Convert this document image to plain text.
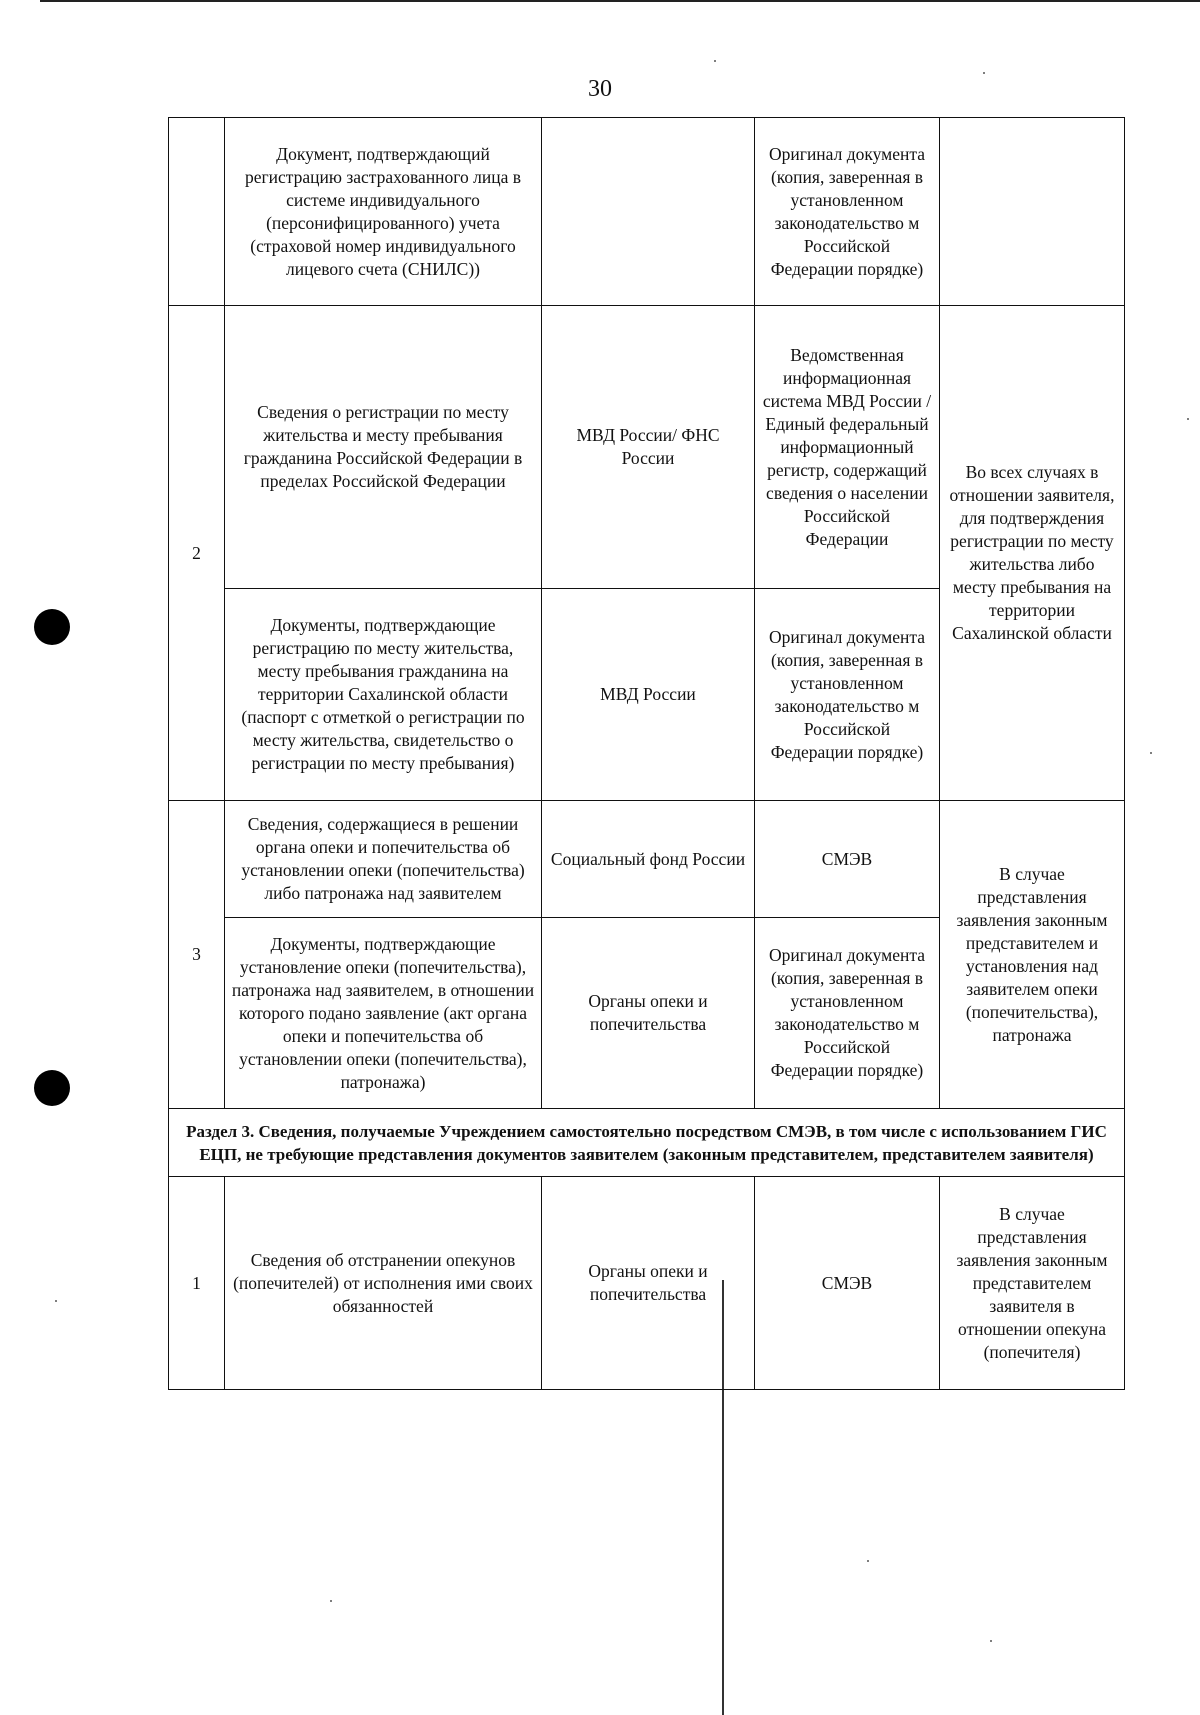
30
	Документ, подтверждающий регистрацию застрахованного лица в системе индивидуального (персонифицированного) учета (страховой номер индивидуального лицевого счета (СНИЛС))		Оригинал документа (копия, заверенная в установленном законодательство м Российской Федерации порядке)	
2	Сведения о регистрации по месту жительства и месту пребывания гражданина Российской Федерации в пределах Российской Федерации	МВД России/ ФНС России	Ведомственная информационная система МВД России /Единый федеральный информационный регистр, содержащий сведения о населении Российской Федерации	Во всех случаях в отношении заявителя, для подтверждения регистрации по месту жительства либо месту пребывания на территории Сахалинской области
	Документы, подтверждающие регистрацию по месту жительства, месту пребывания гражданина на территории Сахалинской области (паспорт с отметкой о регистрации по месту жительства, свидетельство о регистрации по месту пребывания)	МВД России	Оригинал документа (копия, заверенная в установленном законодательство м Российской Федерации порядке)	
3	Сведения, содержащиеся в решении органа опеки и попечительства об установлении опеки (попечительства) либо патронажа над заявителем	Социальный фонд России	СМЭВ	В случае представления заявления законным представителем и установления над заявителем опеки (попечительства), патронажа
	Документы, подтверждающие установление опеки (попечительства), патронажа над заявителем, в отношении которого подано заявление (акт органа опеки и попечительства об установлении опеки (попечительства), патронажа)	Органы опеки и попечительства	Оригинал документа (копия, заверенная в установленном законодательство м Российской Федерации порядке)	
Раздел 3. Сведения, получаемые Учреждением самостоятельно посредством СМЭВ, в том числе с использованием ГИС ЕЦП, не требующие представления документов заявителем (законным представителем, представителем заявителя)				
1	Сведения об отстранении опекунов (попечителей) от исполнения ими своих обязанностей	Органы опеки и попечительства	СМЭВ	В случае представления заявления законным представителем заявителя в отношении опекуна (попечителя)
